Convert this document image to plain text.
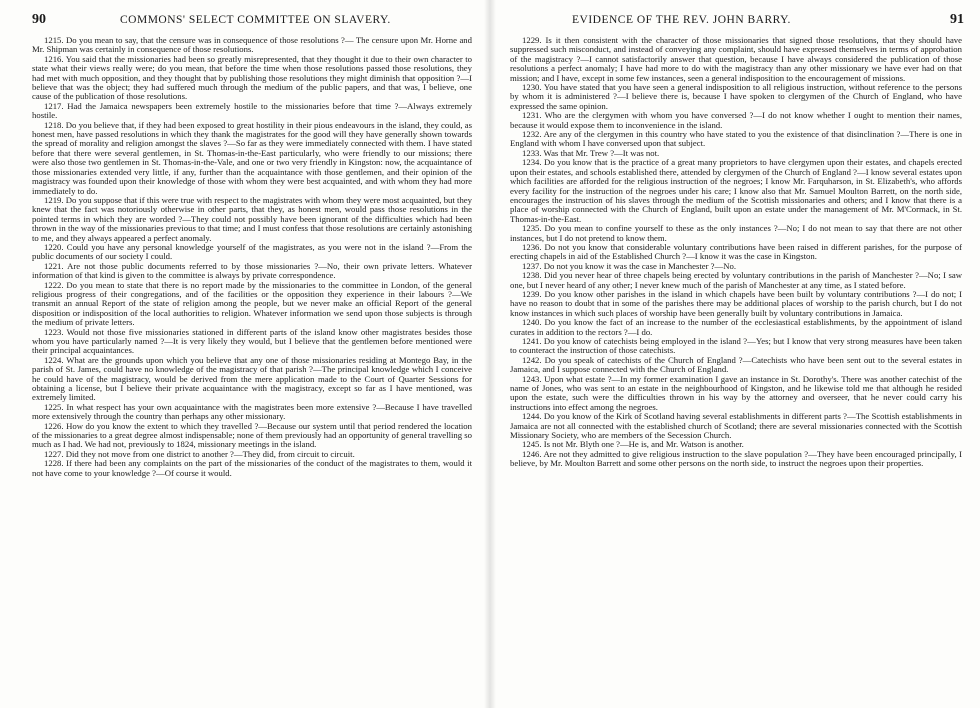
90	COMMONS' SELECT COMMITTEE ON SLAVERY.

1215. Do you mean to say, that the censure was in consequence of those resolutions ?— The censure upon Mr. Horne and Mr. Shipman was certainly in consequence of those resolutions.

1216. You said that the missionaries had been so greatly misrepresented, that they thought it due to their own character to state what their views really were; do you mean, that before the time when those resolutions passed those resolutions, they had met with much opposition, and they thought that by publishing those resolutions they might diminish that opposition ?—I believe that was the object; they had suffered much through the medium of the public papers, and that was, I believe, one cause of the publication of those resolutions.

1217. Had the Jamaica newspapers been extremely hostile to the missionaries before that time ?—Always extremely hostile.

1218. Do you believe that, if they had been exposed to great hostility in their pious endeavours in the island, they could, as honest men, have passed resolutions in which they thank the magistrates for the good will they have generally shown towards the spread of morality and religion amongst the slaves ?—So far as they were immediately connected with them. I have stated before that there were several gentlemen, in St. Thomas-in-the-East particularly, who were friendly to our missions; there were also those two gentlemen in St. Thomas-in-the-Vale, and one or two very friendly in Kingston: now, the acquaintance of those missionaries extended very little, if any, further than the acquaintance with those gentlemen, and their opinion of the magistracy was founded upon their knowledge of those with whom they were best acquainted, and with whom they had more immediately to do.

1219. Do you suppose that if this were true with respect to the magistrates with whom they were most acquainted, but they knew that the fact was notoriously otherwise in other parts, that they, as honest men, would pass those resolutions in the pointed terms in which they are worded ?—They could not possibly have been ignorant of the difficulties which had been thrown in the way of the missionaries previous to that time; and I must confess that those resolutions are certainly astonishing to me, and they always appeared a perfect anomaly.

1220. Could you have any personal knowledge yourself of the magistrates, as you were not in the island ?—From the public documents of our society I could.

1221. Are not those public documents referred to by those missionaries ?—No, their own private letters. Whatever information of that kind is given to the committee is always by private correspondence.

1222. Do you mean to state that there is no report made by the missionaries to the committee in London, of the general religious progress of their congregations, and of the facilities or the opposition they experience in their labours ?—We transmit an annual Report of the state of religion among the people, but we never make an official Report of the general disposition or indisposition of the local authorities to religion. Whatever information we send upon those subjects is through the medium of private letters.

1223. Would not those five missionaries stationed in different parts of the island know other magistrates besides those whom you have particularly named ?—It is very likely they would, but I believe that the gentlemen before mentioned were their principal acquaintances.

1224. What are the grounds upon which you believe that any one of those missionaries residing at Montego Bay, in the parish of St. James, could have no knowledge of the magistracy of that parish ?—The principal knowledge which I conceive he could have of the magistracy, would be derived from the mere application made to the Court of Quarter Sessions for obtaining a license, but I believe their private acquaintance with the magistracy, except so far as I have mentioned, was extremely limited.

1225. In what respect has your own acquaintance with the magistrates been more extensive ?—Because I have travelled more extensively through the country than perhaps any other missionary.

1226. How do you know the extent to which they travelled ?—Because our system until that period rendered the location of the missionaries to a great degree almost indispensable; none of them previously had an opportunity of general travelling so much as I had. We had not, previously to 1824, missionary meetings in the island.

1227. Did they not move from one district to another ?—They did, from circuit to circuit.

1228. If there had been any complaints on the part of the missionaries of the conduct of the magistrates to them, would it not have come to your knowledge ?—Of course it would.

EVIDENCE OF THE REV. JOHN BARRY.	91

1229. Is it then consistent with the character of those missionaries that signed those resolutions, that they should have suppressed such misconduct, and instead of conveying any complaint, should have expressed themselves in terms of approbation of the magistracy ?—I cannot satisfactorily answer that question, because I have always considered the publication of those resolutions a perfect anomaly; I have had more to do with the magistracy than any other missionary we have ever had on that mission; and I have, except in some few instances, seen a general indisposition to the encouragement of missions.

1230. You have stated that you have seen a general indisposition to all religious instruction, without reference to the persons by whom it is administered ?—I believe there is, because I have spoken to clergymen of the Church of England, who have expressed the same opinion.

1231. Who are the clergymen with whom you have conversed ?—I do not know whether I ought to mention their names, because it would expose them to inconvenience in the island.

1232. Are any of the clergymen in this country who have stated to you the existence of that disinclination ?—There is one in England with whom I have conversed upon that subject.

1233. Was that Mr. Trew ?—It was not.

1234. Do you know that is the practice of a great many proprietors to have clergymen upon their estates, and chapels erected upon their estates, and schools established there, attended by clergymen of the Church of England ?—I know several estates upon which facilities are afforded for the religious instruction of the negroes; I know Mr. Farquharson, in St. Elizabeth's, who affords every facility for the instruction of the negroes under his care; I know also that Mr. Samuel Moulton Barrett, on the north side, encourages the instruction of his slaves through the medium of the Scottish missionaries and others; and I know that there is a place of worship connected with the Church of England, built upon an estate under the management of Mr. M'Cormack, in St. Thomas-in-the-East.

1235. Do you mean to confine yourself to these as the only instances ?—No; I do not mean to say that there are not other instances, but I do not pretend to know them.

1236. Do not you know that considerable voluntary contributions have been raised in different parishes, for the purpose of erecting chapels in aid of the Established Church ?—I know it was the case in Kingston.

1237. Do not you know it was the case in Manchester ?—No.

1238. Did you never hear of three chapels being erected by voluntary contributions in the parish of Manchester ?—No; I saw one, but I never heard of any other; I never knew much of the parish of Manchester at any time, as I stated before.

1239. Do you know other parishes in the island in which chapels have been built by voluntary contributions ?—I do not; I have no reason to doubt that in some of the parishes there may be additional places of worship to the parish church, but I do not know instances in which such places of worship have been generally built by voluntary contributions in Jamaica.

1240. Do you know the fact of an increase to the number of the ecclesiastical establishments, by the appointment of island curates in addition to the rectors ?—I do.

1241. Do you know of catechists being employed in the island ?—Yes; but I know that very strong measures have been taken to counteract the instruction of those catechists.

1242. Do you speak of catechists of the Church of England ?—Catechists who have been sent out to the several estates in Jamaica, and I suppose connected with the Church of England.

1243. Upon what estate ?—In my former examination I gave an instance in St. Dorothy's. There was another catechist of the name of Jones, who was sent to an estate in the neighbourhood of Kingston, and he likewise told me that although he resided upon the estate, such were the difficulties thrown in his way by the attorney and overseer, that he never could carry his instructions into effect among the negroes.

1244. Do you know of the Kirk of Scotland having several establishments in different parts ?—The Scottish establishments in Jamaica are not all connected with the established church of Scotland; there are several missionaries connected with the Scottish Missionary Society, who are members of the Secession Church.

1245. Is not Mr. Blyth one ?—He is, and Mr. Watson is another.

1246. Are not they admitted to give religious instruction to the slave population ?—They have been encouraged principally, I believe, by Mr. Moulton Barrett and some other persons on the north side, to instruct the negroes upon their properties.
